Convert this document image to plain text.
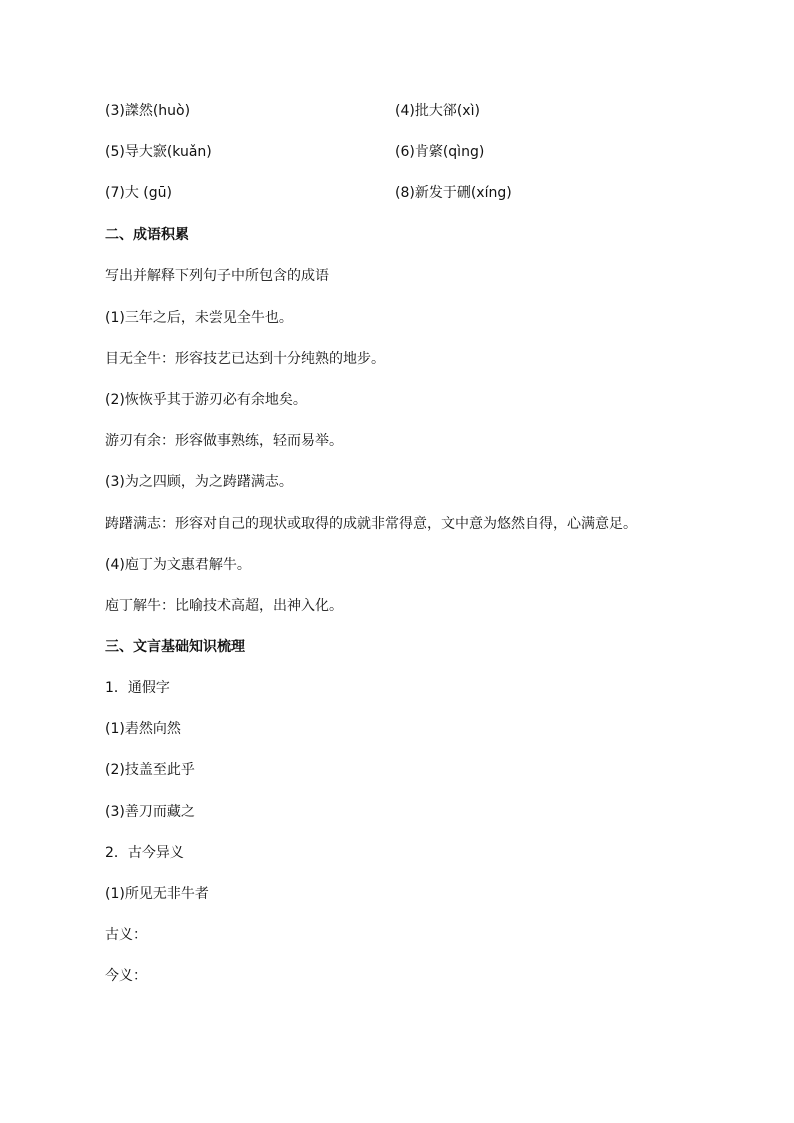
(3)謋然(huò)	(4)批大郤(xì)
(5)导大窾(kuǎn)	(6)肯綮(qìng)
(7)大 (gū)	(8)新发于硎(xíng)
二、成语积累
写出并解释下列句子中所包含的成语
(1)三年之后，未尝见全牛也。
目无全牛：形容技艺已达到十分纯熟的地步。
(2)恢恢乎其于游刃必有余地矣。
游刃有余：形容做事熟练，轻而易举。
(3)为之四顾，为之踌躇满志。
踌躇满志：形容对自己的现状或取得的成就非常得意，文中意为悠然自得，心满意足。
(4)庖丁为文惠君解牛。
庖丁解牛：比喻技术高超，出神入化。
三、文言基础知识梳理
1．通假字
(1)砉然向然
(2)技盖至此乎
(3)善刀而藏之
2．古今异义
(1)所见无非牛者
古义：
今义：
